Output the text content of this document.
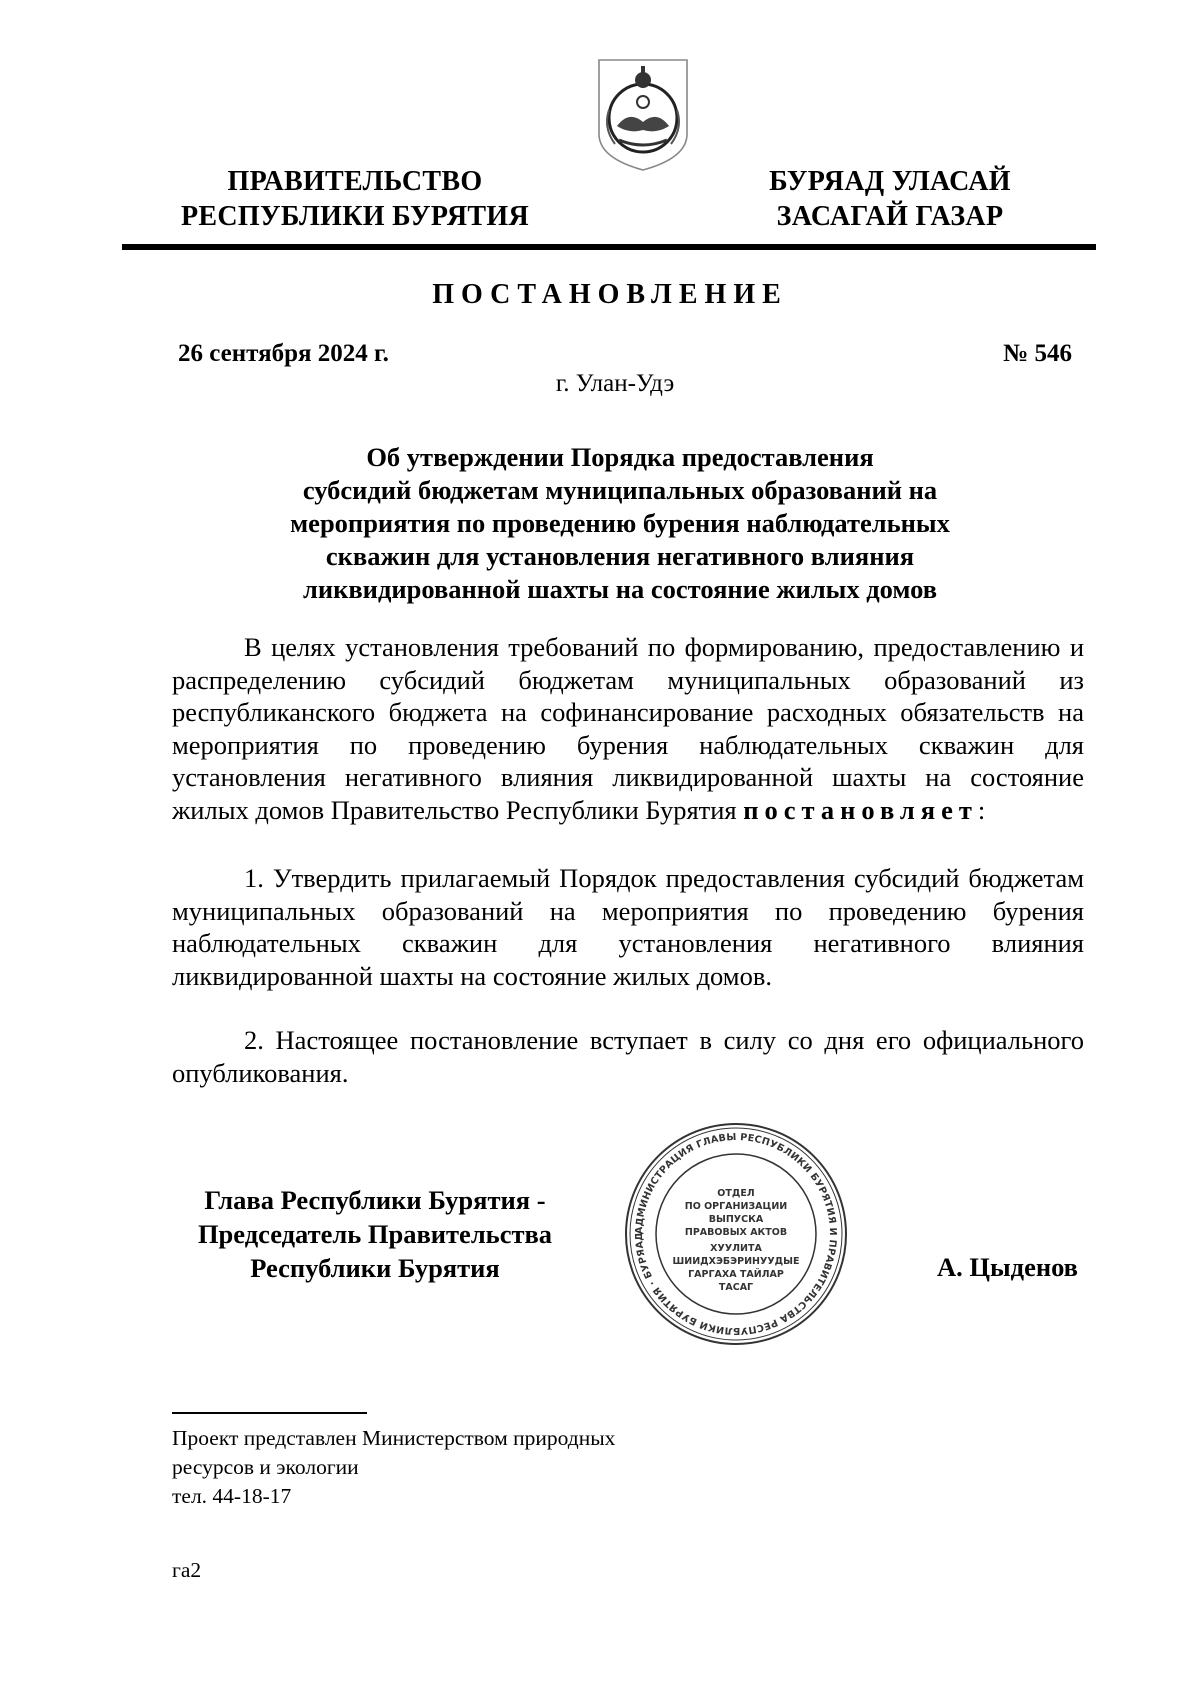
ПРАВИТЕЛЬСТВО
РЕСПУБЛИКИ БУРЯТИЯ
БУРЯАД УЛАСАЙ
ЗАСАГАЙ ГАЗАР
ПОСТАНОВЛЕНИЕ
26 сентября 2024 г.	№ 546
г. Улан-Удэ
Об утверждении Порядка предоставления
субсидий бюджетам муниципальных образований на
мероприятия по проведению бурения наблюдательных
скважин для установления негативного влияния
ликвидированной шахты на состояние жилых домов
В целях установления требований по формированию, предоставлению и распределению субсидий бюджетам муниципальных образований из республиканского бюджета на софинансирование расходных обязательств на мероприятия по проведению бурения наблюдательных скважин для установления негативного влияния ликвидированной шахты на состояние жилых домов Правительство Республики Бурятия постановляет:
1. Утвердить прилагаемый Порядок предоставления субсидий бюджетам муниципальных образований на мероприятия по проведению бурения наблюдательных скважин для установления негативного влияния ликвидированной шахты на состояние жилых домов.
2. Настоящее постановление вступает в силу со дня его официального опубликования.
Глава Республики Бурятия -
Председатель Правительства
Республики Бурятия
АДМИНИСТРАЦИЯ ГЛАВЫ РЕСПУБЛИКИ БУРЯТИЯ И ПРАВИТЕЛЬСТВА РЕСПУБЛИКИ БУРЯТИЯ · БУРЯАД
ОТДЕЛ
ПО ОРГАНИЗАЦИИ
ВЫПУСКА
ПРАВОВЫХ АКТОВ
ХУУЛИТА
ШИИДХЭБЭРИНУУДЫЕ
ГАРГАХА ТАЙЛАР
ТАСАГ
А. Цыденов
Проект представлен Министерством природных
ресурсов и экологии
тел. 44-18-17
га2
